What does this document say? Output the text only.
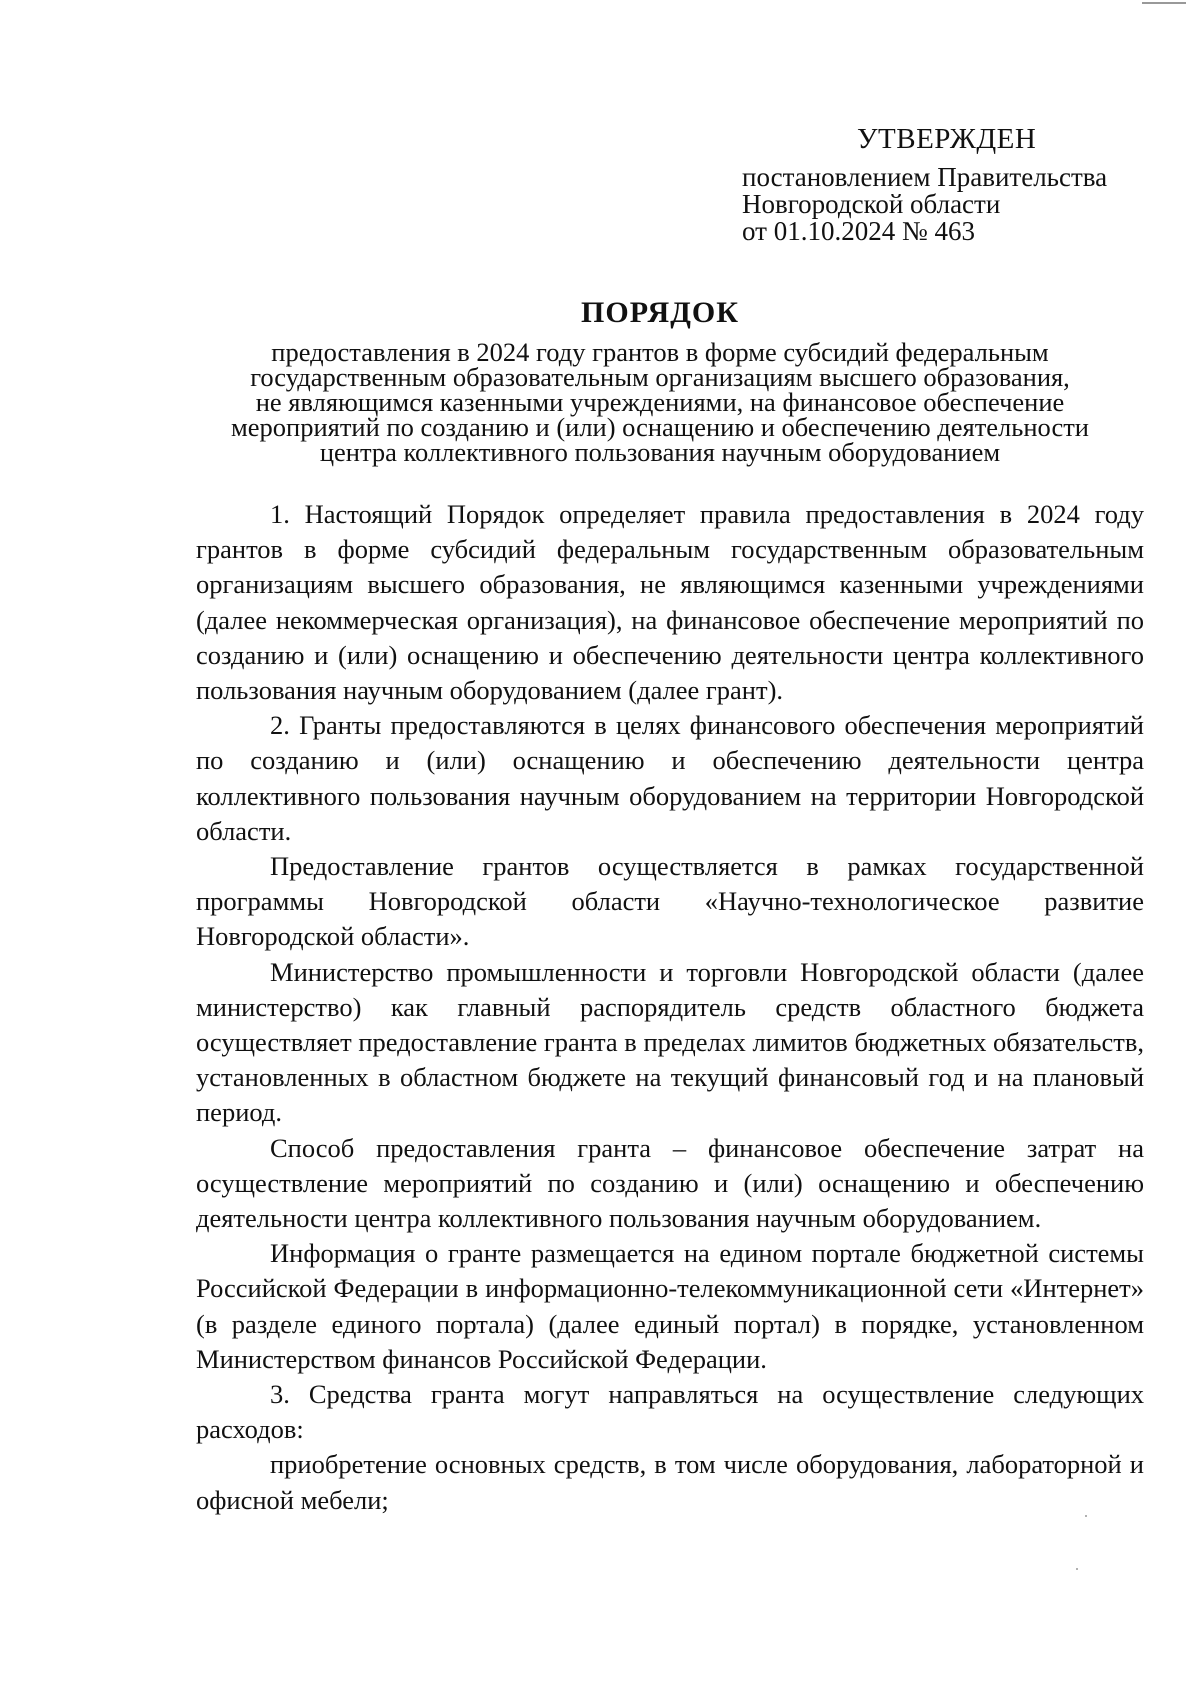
УТВЕРЖДЕН
постановлением Правительства
Новгородской области
от 01.10.2024 № 463
ПОРЯДОК
предоставления в 2024 году грантов в форме субсидий федеральным
государственным образовательным организациям высшего образования,
не являющимся казенными учреждениями, на финансовое обеспечение
мероприятий по созданию и (или) оснащению и обеспечению деятельности
центра коллективного пользования научным оборудованием

1. Настоящий Порядок определяет правила предоставления в 2024 году грантов в форме субсидий федеральным государственным образовательным организациям высшего образования, не являющимся казенными учреждениями (далее некоммерческая организация), на финансовое обеспечение мероприятий по созданию и (или) оснащению и обеспечению деятельности центра коллективного пользования научным оборудованием (далее грант).

2. Гранты предоставляются в целях финансового обеспечения мероприятий по созданию и (или) оснащению и обеспечению деятельности центра коллективного пользования научным оборудованием на территории Новгородской области.

Предоставление грантов осуществляется в рамках государственной программы Новгородской области «Научно-технологическое развитие Новгородской области».

Министерство промышленности и торговли Новгородской области (далее министерство) как главный распорядитель средств областного бюджета осуществляет предоставление гранта в пределах лимитов бюджетных обязательств, установленных в областном бюджете на текущий финансовый год и на плановый период.

Способ предоставления гранта – финансовое обеспечение затрат на осуществление мероприятий по созданию и (или) оснащению и обеспечению деятельности центра коллективного пользования научным оборудованием.

Информация о гранте размещается на едином портале бюджетной системы Российской Федерации в информационно-телекоммуникационной сети «Интернет» (в разделе единого портала) (далее единый портал) в порядке, установленном Министерством финансов Российской Федерации.

3. Средства гранта могут направляться на осуществление следующих расходов:

приобретение основных средств, в том числе оборудования, лабораторной и офисной мебели;
